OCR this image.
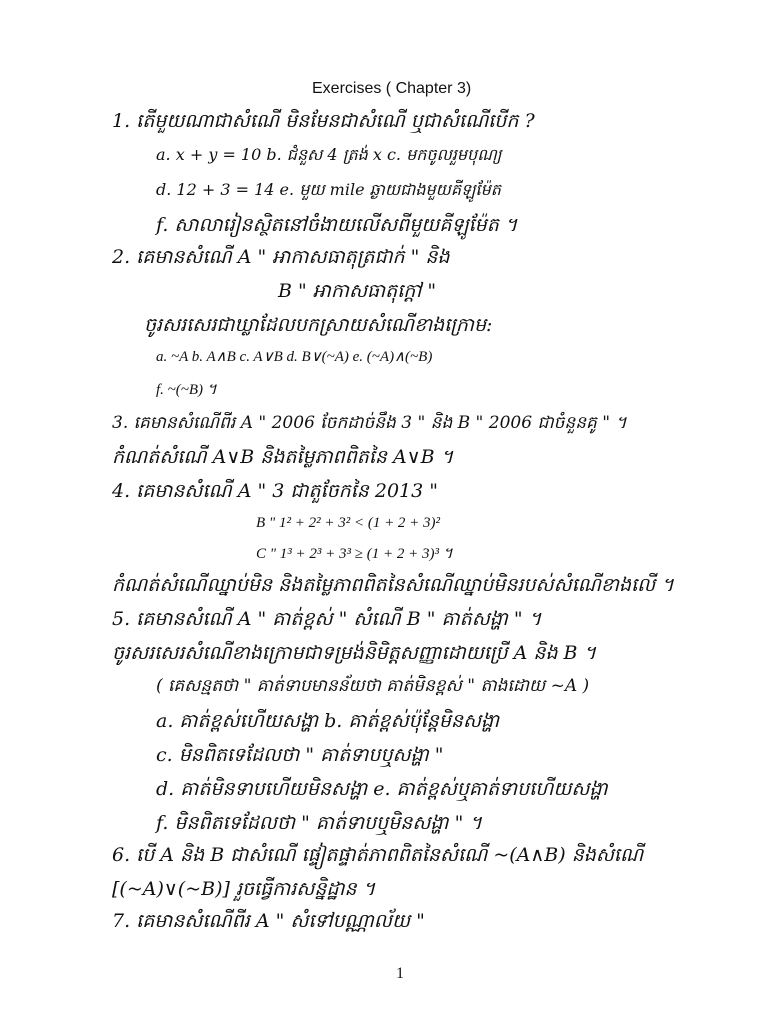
Exercises ( Chapter 3)
1. តើមួយណាជាសំណើ មិនមែនជាសំណើ ឬជាសំណើបើក ?
a. x + y = 10 b. ជំនួស 4 ត្រង់ x c. មកចូលរួមបុណ្យ
d. 12 + 3 = 14 e. មួយ mile ឆ្ងាយជាងមួយគីឡូម៉ែត
f. សាលារៀនស្ថិតនៅចំងាយលើសពីមួយគីឡូម៉ែត ។
2. គេមានសំណើ A " អាកាសធាតុត្រជាក់ " និង
B " អាកាសធាតុក្តៅ "
ចូរសរសេរជាឃ្លាដែលបកស្រាយសំណើខាងក្រោម:
a. ~A b. A∧B c. A∨B d. B∨(~A) e. (~A)∧(~B)
f. ~(~B) ។
3. គេមានសំណើពីរ A " 2006 ចែកដាច់នឹង 3 " និង B " 2006 ជាចំនួនគូ " ។
កំណត់សំណើ A∨B និងតម្លៃភាពពិតនៃ A∨B ។
4. គេមានសំណើ A " 3 ជាតួចែកនៃ 2013 "
B " 1² + 2² + 3² < (1 + 2 + 3)²
C " 1³ + 2³ + 3³ ≥ (1 + 2 + 3)³ ។
កំណត់សំណើឈ្នាប់មិន និងតម្លៃភាពពិតនៃសំណើឈ្នាប់មិនរបស់សំណើខាងលើ ។
5. គេមានសំណើ A " គាត់ខ្ពស់ " សំណើ B " គាត់សង្ហា " ។
ចូរសរសេរសំណើខាងក្រោមជាទម្រង់និមិត្តសញ្ញាដោយប្រើ A និង B ។
( គេសន្មតថា " គាត់ទាបមានន័យថា គាត់មិនខ្ពស់ " តាងដោយ ~A )
a. គាត់ខ្ពស់ហើយសង្ហា b. គាត់ខ្ពស់ប៉ុន្តែមិនសង្ហា
c. មិនពិតទេដែលថា " គាត់ទាបឬសង្ហា "
d. គាត់មិនទាបហើយមិនសង្ហា e. គាត់ខ្ពស់ឬគាត់ទាបហើយសង្ហា
f. មិនពិតទេដែលថា " គាត់ទាបឬមិនសង្ហា " ។
6. បើ A និង B ជាសំណើ ផ្ទៀតផ្ទាត់ភាពពិតនៃសំណើ ~(A∧B) និងសំណើ
[(~A)∨(~B)] រួចធ្វើការសន្និដ្ឋាន ។
7. គេមានសំណើពីរ A " សំទៅបណ្ណាល័យ "
1
